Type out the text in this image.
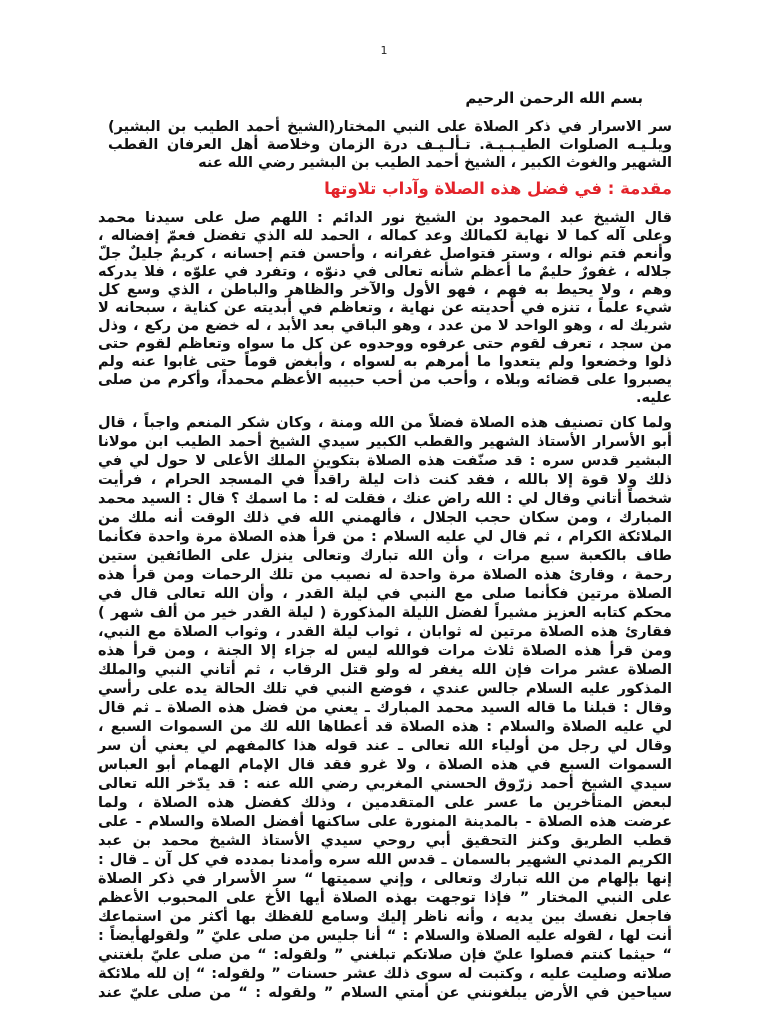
1
بسم الله الرحمن الرحيم
سر الاسرار في ذكر الصلاة على النبي المختار(الشيخ أحمد الطيب بن البشير)
ويلـيـه الصلوات الطيـبـيـة. تـألـيـف درة الزمان وخلاصة أهل العرفان القطب
الشهير والغوث الكبير ، الشيخ أحمد الطيب بن البشير رضي الله عنه
مقدمة : في فضل هذه الصلاة وآداب تلاوتها
قال الشيخ عبد المحمود بن الشيخ نور الدائم : اللهم صل على سيدنا محمد
وعلى آله كما لا نهاية لكمالك وعد كماله ، الحمد لله الذي تفضل فعمّ إفضاله ،
وأنعم فتم نواله ، وستر فتواصل غفرانه ، وأحسن فتم إحسانه ، كريمٌ جليلٌ جلّ
جلاله ، غفورٌ حليمٌ ما أعظم شأنه تعالى في دنوّه ، وتفرد في علوّه ، فلا يدركه
وهم ، ولا يحيط به فهم ، فهو الأول والآخر والظاهر والباطن ، الذي وسع كل
شيء علماً ، تنزه في أحديته عن نهاية ، وتعاظم في أبديته عن كناية ، سبحانه لا
شريك له ، وهو الواحد لا من عدد ، وهو الباقي بعد الأبد ، له خضع من ركع ، وذل
من سجد ، تعرف لقوم حتى عرفوه ووحدوه عن كل ما سواه وتعاظم لقوم حتى
ذلوا وخضعوا ولم يتعدوا ما أمرهم به لسواه ، وأبغض قوماً حتى غابوا عنه ولم
يصبروا على قضائه وبلاه ، وأحب من أحب حبيبه الأعظم محمداً، وأكرم من صلى
عليه.
ولما كان تصنيف هذه الصلاة فضلاً من الله ومنة ، وكان شكر المنعم واجباً ، قال
أبو الأسرار الأستاذ الشهير والقطب الكبير سيدي الشيخ أحمد الطيب ابن مولانا
البشير قدس سره : قد صنّفت هذه الصلاة بتكوين الملك الأعلى لا حول لي في
ذلك ولا قوة إلا بالله ، فقد كنت ذات ليلة راقداً في المسجد الحرام ، فرأيت
شخصاً أتاني وقال لي : الله راض عنك ، فقلت له : ما اسمك ؟ قال : السيد محمد
المبارك ، ومن سكان حجب الجلال ، فألهمني الله في ذلك الوقت أنه ملك من
الملائكة الكرام ، ثم قال لي عليه السلام : من قرأ هذه الصلاة مرة واحدة فكأنما
طاف بالكعبة سبع مرات ، وأن الله تبارك وتعالى ينزل على الطائفين ستين
رحمة ، وقارئ هذه الصلاة مرة واحدة له نصيب من تلك الرحمات ومن قرأ هذه
الصلاة مرتين فكأنما صلى مع النبي في ليلة القدر ، وأن الله تعالى قال في
محكم كتابه العزيز مشيراً لفضل الليلة المذكورة ( ليلة القدر خير من ألف شهر )
فقارئ هذه الصلاة مرتين له ثوابان ، ثواب ليلة القدر ، وثواب الصلاة مع النبي،
ومن قرأ هذه الصلاة ثلاث مرات فوالله ليس له جزاء إلا الجنة ، ومن قرأ هذه
الصلاة عشر مرات فإن الله يغفر له ولو قتل الرقاب ، ثم أتاني النبي والملك
المذكور عليه السلام جالس عندي ، فوضع النبي في تلك الحالة يده على رأسي
وقال : قبلنا ما قاله السيد محمد المبارك ـ يعني من فضل هذه الصلاة ـ ثم قال
لي عليه الصلاة والسلام : هذه الصلاة قد أعطاها الله لك من السموات السبع ،
وقال لي رجل من أولياء الله تعالى ـ عند قوله هذا كالمفهم لي يعني أن سر
السموات السبع في هذه الصلاة ، ولا غرو فقد قال الإمام الهمام أبو العباس
سيدي الشيخ أحمد زرّوق الحسني المغربي رضي الله عنه : قد يدّخر الله تعالى
لبعض المتأخرين ما عسر على المتقدمين ، وذلك كفضل هذه الصلاة ، ولما
عرضت هذه الصلاة - بالمدينة المنورة على ساكنها أفضل الصلاة والسلام - على
قطب الطريق وكنز التحقيق أبي روحي سيدي الأستاذ الشيخ محمد بن عبد
الكريم المدني الشهير بالسمان ـ قدس الله سره وأمدنا بمدده في كل آن ـ قال :
إنها بإلهام من الله تبارك وتعالى ، وإني سميتها “ سر الأسرار في ذكر الصلاة
على النبي المختار ” فإذا توجهت بهذه الصلاة أيها الأخ على المحبوب الأعظم
فاجعل نفسك بين يديه ، وأنه ناظر إليك وسامع للفظك بها أكثر من استماعك
أنت لها ، لقوله عليه الصلاة والسلام : “ أنا جليس من صلى عليّ ” ولقولهأيضاً :
“ حيثما كنتم فصلوا عليّ فإن صلاتكم تبلغني ” ولقوله: “ من صلى عليّ بلغتني
صلاته وصليت عليه ، وكتبت له سوى ذلك عشر حسنات ” ولقوله: “ إن لله ملائكة
سياحين في الأرض يبلغونني عن أمتي السلام ” ولقوله : “ من صلى عليّ عند
